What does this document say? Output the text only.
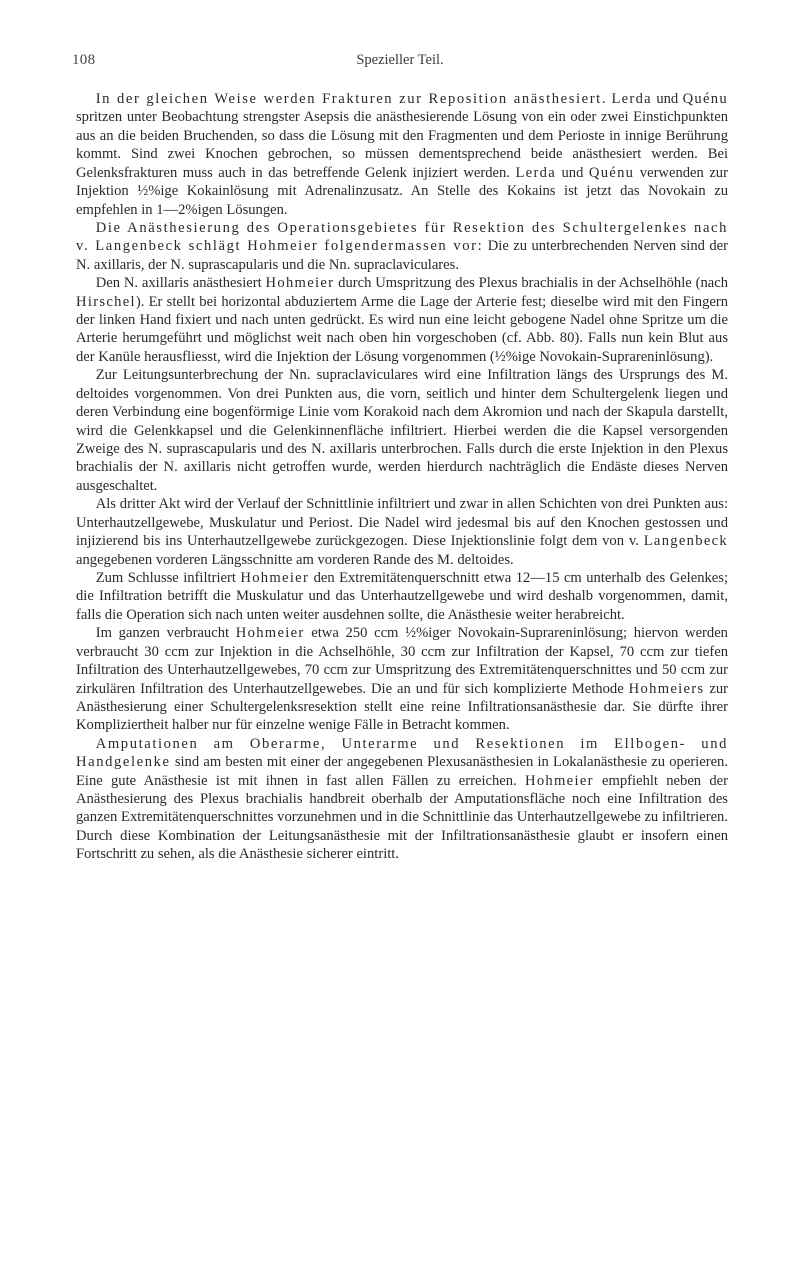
108	Spezieller Teil.

In der gleichen Weise werden Frakturen zur Reposition anästhesiert. Lerda und Quénu spritzen unter Beobachtung strengster Asepsis die anästhesierende Lösung von ein oder zwei Einstichpunkten aus an die beiden Bruchenden, so dass die Lösung mit den Fragmenten und dem Perioste in innige Berührung kommt. Sind zwei Knochen gebrochen, so müssen dementsprechend beide anästhesiert werden. Bei Gelenksfrakturen muss auch in das betreffende Gelenk injiziert werden. Lerda und Quénu verwenden zur Injektion ½%ige Kokainlösung mit Adrenalinzusatz. An Stelle des Kokains ist jetzt das Novokain zu empfehlen in 1—2%igen Lösungen.

Die Anästhesierung des Operationsgebietes für Resektion des Schultergelenkes nach v. Langenbeck schlägt Hohmeier folgendermassen vor: Die zu unterbrechenden Nerven sind der N. axillaris, der N. suprascapularis und die Nn. supraclaviculares.

Den N. axillaris anästhesiert Hohmeier durch Umspritzung des Plexus brachialis in der Achselhöhle (nach Hirschel). Er stellt bei horizontal abduziertem Arme die Lage der Arterie fest; dieselbe wird mit den Fingern der linken Hand fixiert und nach unten gedrückt. Es wird nun eine leicht gebogene Nadel ohne Spritze um die Arterie herumgeführt und möglichst weit nach oben hin vorgeschoben (cf. Abb. 80). Falls nun kein Blut aus der Kanüle herausfliesst, wird die Injektion der Lösung vorgenommen (½%ige Novokain-Suprareninlösung).

Zur Leitungsunterbrechung der Nn. supraclaviculares wird eine Infiltration längs des Ursprungs des M. deltoides vorgenommen. Von drei Punkten aus, die vorn, seitlich und hinter dem Schultergelenk liegen und deren Verbindung eine bogenförmige Linie vom Korakoid nach dem Akromion und nach der Skapula darstellt, wird die Gelenkkapsel und die Gelenkinnenfläche infiltriert. Hierbei werden die die Kapsel versorgenden Zweige des N. suprascapularis und des N. axillaris unterbrochen. Falls durch die erste Injektion in den Plexus brachialis der N. axillaris nicht getroffen wurde, werden hierdurch nachträglich die Endäste dieses Nerven ausgeschaltet.

Als dritter Akt wird der Verlauf der Schnittlinie infiltriert und zwar in allen Schichten von drei Punkten aus: Unterhautzellgewebe, Muskulatur und Periost. Die Nadel wird jedesmal bis auf den Knochen gestossen und injizierend bis ins Unterhautzellgewebe zurückgezogen. Diese Injektionslinie folgt dem von v. Langenbeck angegebenen vorderen Längsschnitte am vorderen Rande des M. deltoides.

Zum Schlusse infiltriert Hohmeier den Extremitätenquerschnitt etwa 12—15 cm unterhalb des Gelenkes; die Infiltration betrifft die Muskulatur und das Unterhautzellgewebe und wird deshalb vorgenommen, damit, falls die Operation sich nach unten weiter ausdehnen sollte, die Anästhesie weiter herabreicht.

Im ganzen verbraucht Hohmeier etwa 250 ccm ½%iger Novokain-Suprareninlösung; hiervon werden verbraucht 30 ccm zur Injektion in die Achselhöhle, 30 ccm zur Infiltration der Kapsel, 70 ccm zur tiefen Infiltration des Unterhautzellgewebes, 70 ccm zur Umspritzung des Extremitätenquerschnittes und 50 ccm zur zirkulären Infiltration des Unterhautzellgewebes. Die an und für sich komplizierte Methode Hohmeiers zur Anästhesierung einer Schultergelenksresektion stellt eine reine Infiltrationsanästhesie dar. Sie dürfte ihrer Kompliziertheit halber nur für einzelne wenige Fälle in Betracht kommen.

Amputationen am Oberarme, Unterarme und Resektionen im Ellbogen- und Handgelenke sind am besten mit einer der angegebenen Plexusanästhesien in Lokalanästhesie zu operieren. Eine gute Anästhesie ist mit ihnen in fast allen Fällen zu erreichen. Hohmeier empfiehlt neben der Anästhesierung des Plexus brachialis handbreit oberhalb der Amputationsfläche noch eine Infiltration des ganzen Extremitätenquerschnittes vorzunehmen und in die Schnittlinie das Unterhautzellgewebe zu infiltrieren. Durch diese Kombination der Leitungsanästhesie mit der Infiltrationsanästhesie glaubt er insofern einen Fortschritt zu sehen, als die Anästhesie sicherer eintritt.
